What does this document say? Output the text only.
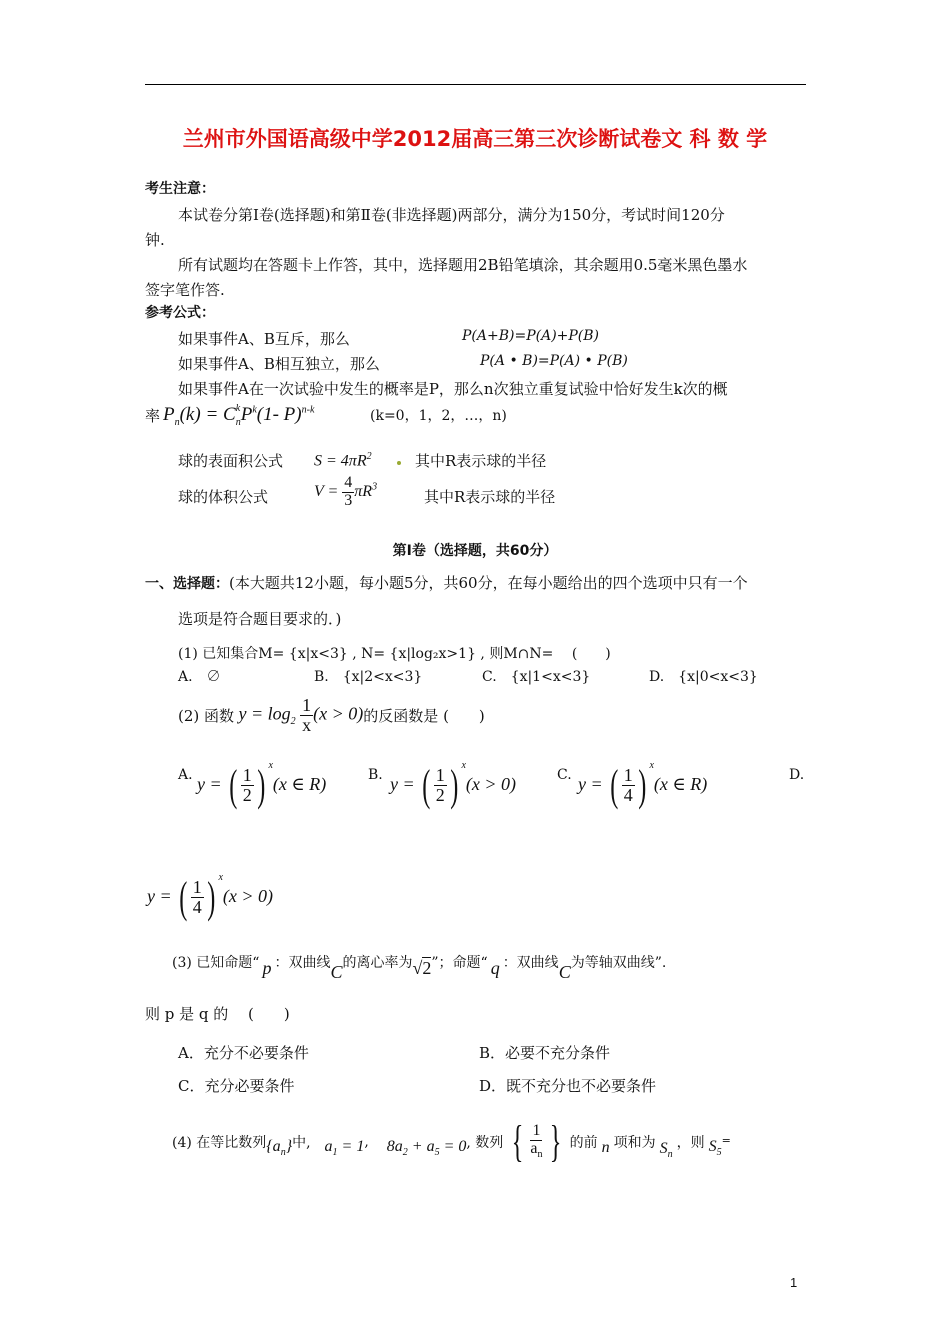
兰州市外国语高级中学2012届高三第三次诊断试卷文 科 数 学
考生注意：
本试卷分第Ⅰ卷(选择题)和第Ⅱ卷(非选择题)两部分，满分为150分，考试时间120分
钟.
所有试题均在答题卡上作答，其中，选择题用2B铅笔填涂，其余题用0.5毫米黑色墨水
签字笔作答.
参考公式：
如果事件A、B互斥，那么	P(A+B)=P(A)+P(B)
如果事件A、B相互独立，那么	P(A • B)=P(A) • P(B)
如果事件A在一次试验中发生的概率是P，那么n次独立重复试验中恰好发生k次的概
率 $P_n(k) = C$ $_{k n}P^k(1-$ P)$^{n-k}$	(k=0，1，2，…，n)
球的表面积公式 $S = 4\pi R^2$	其中R表示球的半径
球的体积公式	$V = \frac{4}{3} \pi R^3$
其中R表示球的半径
第Ⅰ卷（选择题，共60分）
一、选择题：(本大题共12小题，每小题5分，共60分，在每小题给出的四个选项中只有一个
选项是符合题目要求的．)
(1) 已知集合M= {x|x<3} , N= {x|log₂x>1} , 则M∩N=　 (　　)
A.　∅	B.　{x|2<x<3}	C.　{x|1<x<3}	D.　{x|0<x<3}
(2) 函数 $y = \log_2 \frac{1}{x} (x > 0)$ 的反函数是 (　　)
A. y = ( $\frac{1}{2}$ ) $^x$(x ∈ R)	B. y = ( $\frac{1}{2}$ ) $^x$(x > 0)	C. y = ( $\frac{1}{4}$ ) $^x$(x ∈ R)	D.
y = ( $\frac{1}{4}$ ) $^x$(x > 0)
(3) 已知命题“ p ：双曲线 C 的离心率为 √2 ”；命题“ q ：双曲线 C 为等轴双曲线”.
则 p 是 q 的　 (　　)
A．充分不必要条件	B．必要不充分条件
C．充分必要条件	D．既不充分也不必要条件
(4) 在等比数列 $\{a_n\}$ 中, $a_1 = 1$ , $8a_2 + a_5 = 0$ , 数列 { $\frac{1}{a_n}$ } 的前 n 项和为 $S_n$
，则 $S_5$
=
1
